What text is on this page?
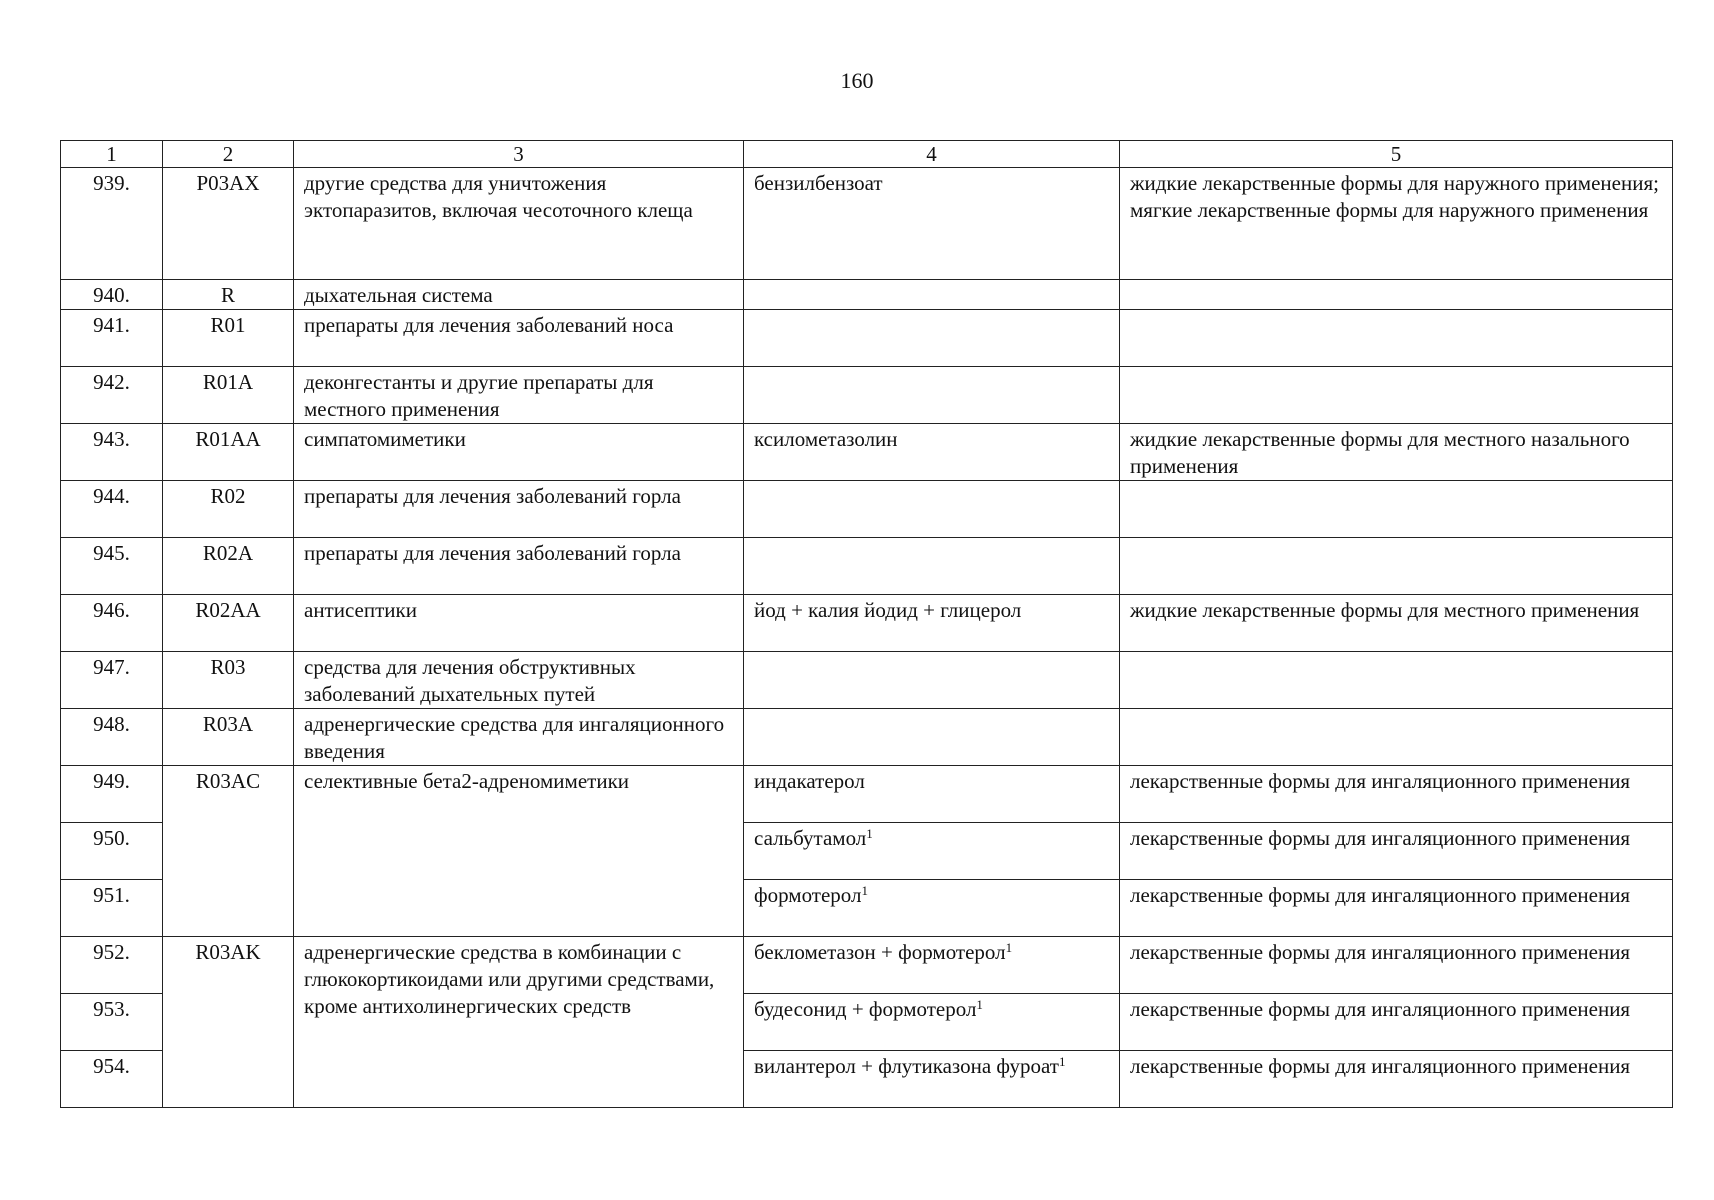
160
1	2	3	4	5
939.	P03AX	другие средства для уничтожения эктопаразитов, включая чесоточного клеща	бензилбензоат	жидкие лекарственные формы для наружного применения;
мягкие лекарственные формы для наружного применения

940.	R	дыхательная система		
941.	R01	препараты для лечения заболеваний носа		
942.	R01A	деконгестанты и другие препараты для местного применения		
943.	R01AA	симпатомиметики	ксилометазолин	жидкие лекарственные формы для местного назального применения
944.	R02	препараты для лечения заболеваний горла		
945.	R02A	препараты для лечения заболеваний горла		
946.	R02AA	антисептики	йод + калия йодид + глицерол	жидкие лекарственные формы для местного применения
947.	R03	средства для лечения обструктивных заболеваний дыхательных путей		
948.	R03A	адренергические средства для ингаляционного введения		
949.	R03AC	селективные бета2-адреномиметики	индакатерол	лекарственные формы для ингаляционного применения
950.			сальбутамол$^1$	лекарственные формы для ингаляционного применения
951.			формотерол$^1$	лекарственные формы для ингаляционного применения
952.	R03AK	адренергические средства в комбинации с глюкокортикоидами или другими средствами, кроме антихолинергических средств	беклометазон + формотерол$^1$	лекарственные формы для ингаляционного применения
953.			будесонид + формотерол$^1$	лекарственные формы для ингаляционного применения
954.			вилантерол + флутиказона фуроат$^1$	лекарственные формы для ингаляционного применения
